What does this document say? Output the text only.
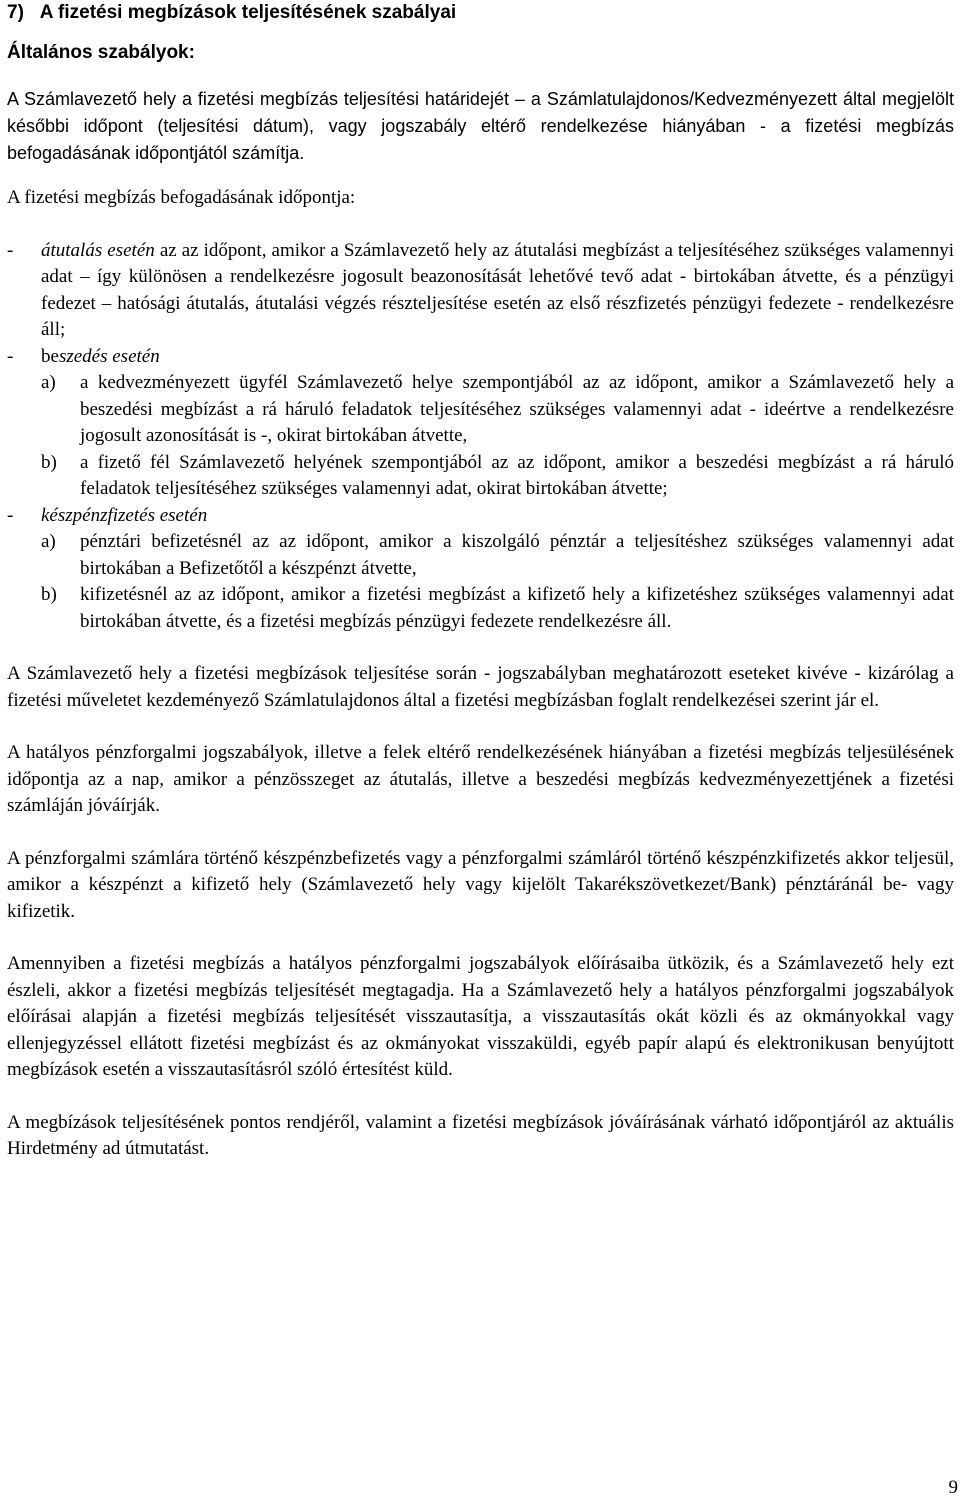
7)   A fizetési megbízások teljesítésének szabályai

Általános szabályok:

A Számlavezető hely a fizetési megbízás teljesítési határidejét – a Számlatulajdonos/Kedvezményezett által megjelölt későbbi időpont (teljesítési dátum), vagy jogszabály eltérő rendelkezése hiányában - a fizetési megbízás befogadásának időpontjától számítja.

A fizetési megbízás befogadásának időpontja:

- átutalás esetén az az időpont, amikor a Számlavezető hely az átutalási megbízást a teljesítéséhez szükséges valamennyi adat – így különösen a rendelkezésre jogosult beazonosítását lehetővé tevő adat - birtokában átvette, és a pénzügyi fedezet – hatósági átutalás, átutalási végzés részteljesítése esetén az első részfizetés pénzügyi fedezete - rendelkezésre áll;
- beszedés esetén
a) a kedvezményezett ügyfél Számlavezető helye szempontjából az az időpont, amikor a Számlavezető hely a beszedési megbízást a rá háruló feladatok teljesítéséhez szükséges valamennyi adat - ideértve a rendelkezésre jogosult azonosítását is -, okirat birtokában átvette,
b) a fizető fél Számlavezető helyének szempontjából az az időpont, amikor a beszedési megbízást a rá háruló feladatok teljesítéséhez szükséges valamennyi adat, okirat birtokában átvette;
- készpénzfizetés esetén
a) pénztári befizetésnél az az időpont, amikor a kiszolgáló pénztár a teljesítéshez szükséges valamennyi adat birtokában a Befizetőtől a készpénzt átvette,
b) kifizetésnél az az időpont, amikor a fizetési megbízást a kifizető hely a kifizetéshez szükséges valamennyi adat birtokában átvette, és a fizetési megbízás pénzügyi fedezete rendelkezésre áll.

A Számlavezető hely a fizetési megbízások teljesítése során - jogszabályban meghatározott eseteket kivéve - kizárólag a fizetési műveletet kezdeményező Számlatulajdonos által a fizetési megbízásban foglalt rendelkezései szerint jár el.

A hatályos pénzforgalmi jogszabályok, illetve a felek eltérő rendelkezésének hiányában a fizetési megbízás teljesülésének időpontja az a nap, amikor a pénzösszeget az átutalás, illetve a beszedési megbízás kedvezményezettjének a fizetési számláján jóváírják.

A pénzforgalmi számlára történő készpénzbefizetés vagy a pénzforgalmi számláról történő készpénzkifizetés akkor teljesül, amikor a készpénzt a kifizető hely (Számlavezető hely vagy kijelölt Takarékszövetkezet/Bank) pénztáránál be- vagy kifizetik.

Amennyiben a fizetési megbízás a hatályos pénzforgalmi jogszabályok előírásaiba ütközik, és a Számlavezető hely ezt észleli, akkor a fizetési megbízás teljesítését megtagadja. Ha a Számlavezető hely a hatályos pénzforgalmi jogszabályok előírásai alapján a fizetési megbízás teljesítését visszautasítja, a visszautasítás okát közli és az okmányokkal vagy ellenjegyzéssel ellátott fizetési megbízást és az okmányokat visszaküldi, egyéb papír alapú és elektronikusan benyújtott megbízások esetén a visszautasításról szóló értesítést küld.

A megbízások teljesítésének pontos rendjéről, valamint a fizetési megbízások jóváírásának várható időpontjáról az aktuális Hirdetmény ad útmutatást.

9
